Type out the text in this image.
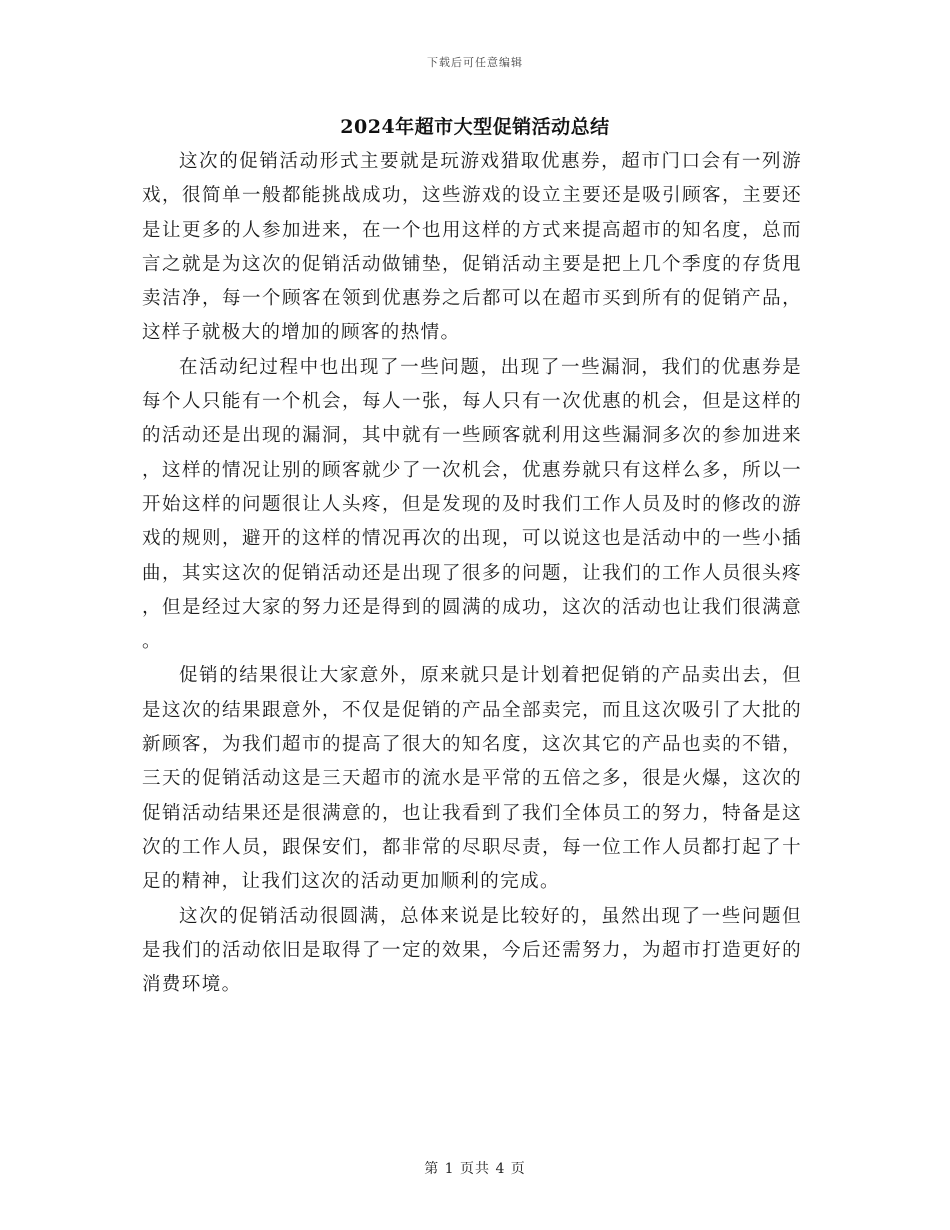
下载后可任意编辑
2024年超市大型促销活动总结

这次的促销活动形式主要就是玩游戏猎取优惠券，超市门口会有一列游戏，很简单一般都能挑战成功，这些游戏的设立主要还是吸引顾客，主要还是让更多的人参加进来，在一个也用这样的方式来提高超市的知名度，总而言之就是为这次的促销活动做铺垫，促销活动主要是把上几个季度的存货甩卖洁净，每一个顾客在领到优惠券之后都可以在超市买到所有的促销产品，这样子就极大的增加的顾客的热情。

在活动纪过程中也出现了一些问题，出现了一些漏洞，我们的优惠券是每个人只能有一个机会，每人一张，每人只有一次优惠的机会，但是这样的的活动还是出现的漏洞，其中就有一些顾客就利用这些漏洞多次的参加进来，这样的情况让别的顾客就少了一次机会，优惠券就只有这样么多，所以一开始这样的问题很让人头疼，但是发现的及时我们工作人员及时的修改的游戏的规则，避开的这样的情况再次的出现，可以说这也是活动中的一些小插曲，其实这次的促销活动还是出现了很多的问题，让我们的工作人员很头疼，但是经过大家的努力还是得到的圆满的成功，这次的活动也让我们很满意。

促销的结果很让大家意外，原来就只是计划着把促销的产品卖出去，但是这次的结果跟意外，不仅是促销的产品全部卖完，而且这次吸引了大批的新顾客，为我们超市的提高了很大的知名度，这次其它的产品也卖的不错，三天的促销活动这是三天超市的流水是平常的五倍之多，很是火爆，这次的促销活动结果还是很满意的，也让我看到了我们全体员工的努力，特备是这次的工作人员，跟保安们，都非常的尽职尽责，每一位工作人员都打起了十足的精神，让我们这次的活动更加顺利的完成。

这次的促销活动很圆满，总体来说是比较好的，虽然出现了一些问题但是我们的活动依旧是取得了一定的效果，今后还需努力，为超市打造更好的消费环境。

第 1 页共 4 页
